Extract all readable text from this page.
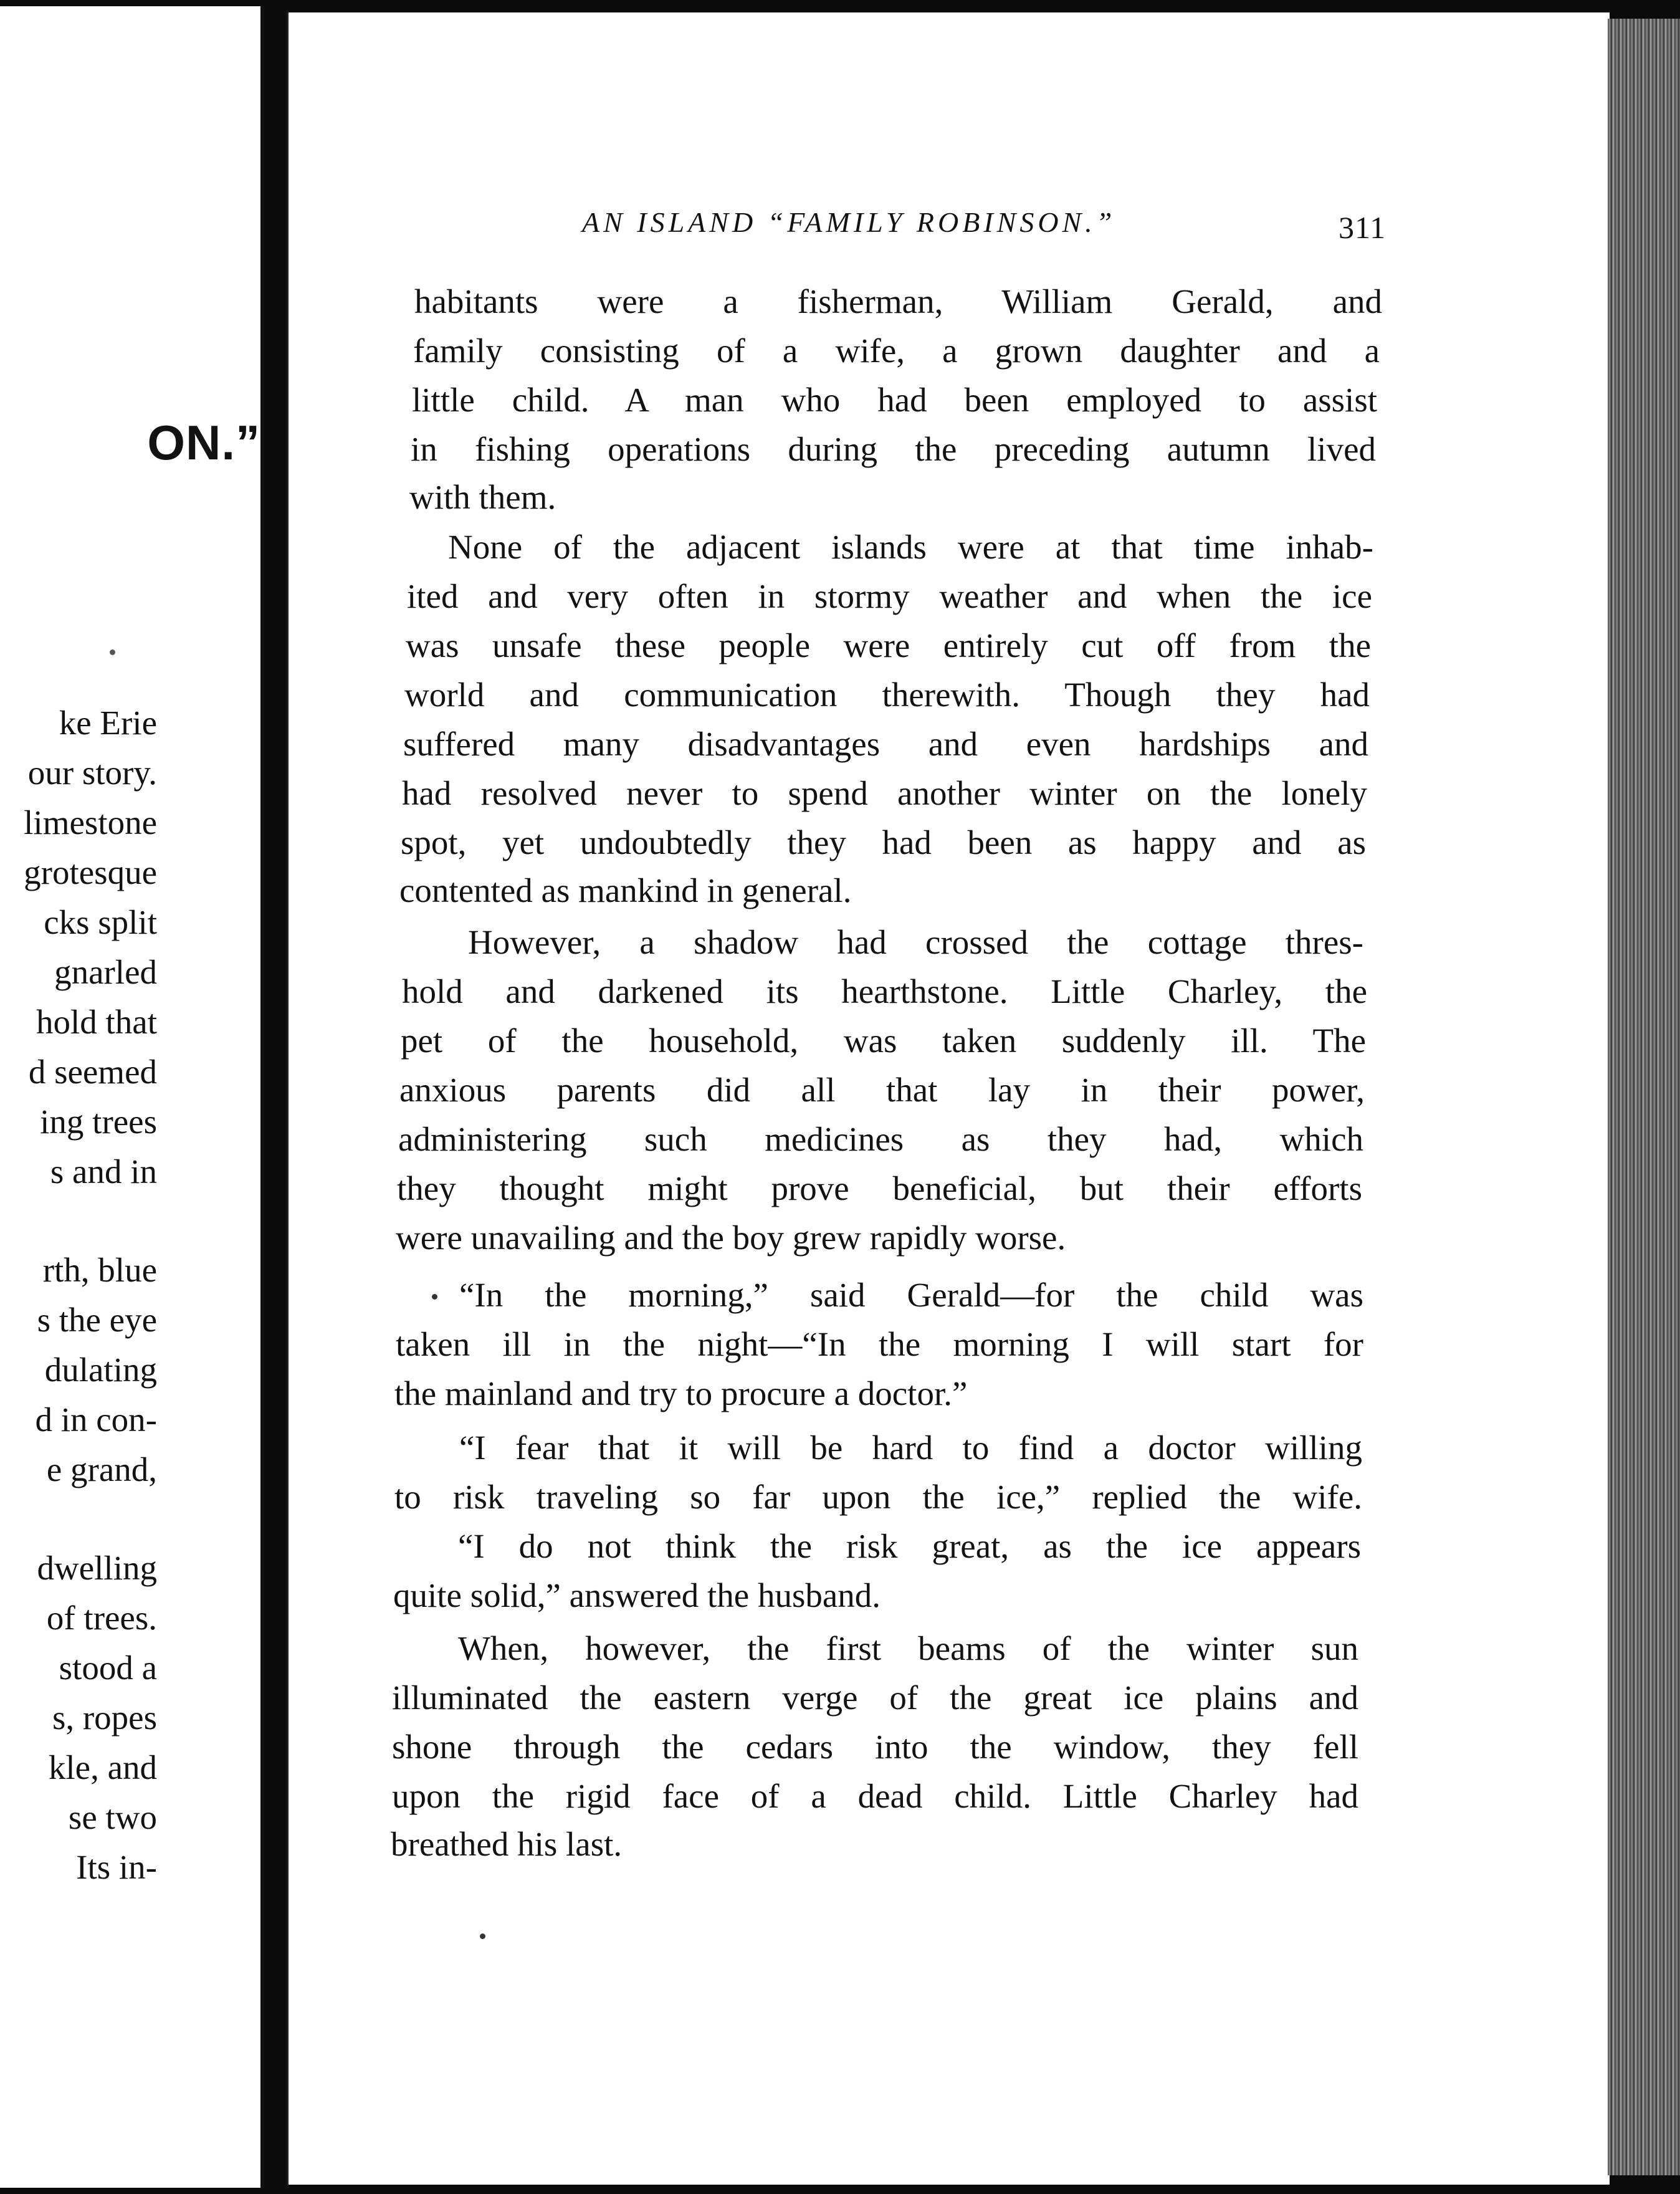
ON.”
ke Erie
our story.
limestone
grotesque
cks split
gnarled
hold that
d seemed
ing trees
s and in
rth, blue
s the eye
dulating
d in con-
e grand,
dwelling
of trees.
stood a
s, ropes
kle, and
se two
Its in-
AN ISLAND “FAMILY ROBINSON.”	311
habitants were a fisherman, William Gerald, and
family consisting of a wife, a grown daughter and a
little child. A man who had been employed to assist
in fishing operations during the preceding autumn lived
with them.
None of the adjacent islands were at that time inhab-
ited and very often in stormy weather and when the ice
was unsafe these people were entirely cut off from the
world and communication therewith. Though they had
suffered many disadvantages and even hardships and
had resolved never to spend another winter on the lonely
spot, yet undoubtedly they had been as happy and as
contented as mankind in general.
However, a shadow had crossed the cottage thres-
hold and darkened its hearthstone. Little Charley, the
pet of the household, was taken suddenly ill. The
anxious parents did all that lay in their power,
administering such medicines as they had, which
they thought might prove beneficial, but their efforts
were unavailing and the boy grew rapidly worse.
“In the morning,” said Gerald—for the child was
taken ill in the night—“In the morning I will start for
the mainland and try to procure a doctor.”
“I fear that it will be hard to find a doctor willing
to risk traveling so far upon the ice,” replied the wife.
“I do not think the risk great, as the ice appears
quite solid,” answered the husband.
When, however, the first beams of the winter sun
illuminated the eastern verge of the great ice plains and
shone through the cedars into the window, they fell
upon the rigid face of a dead child. Little Charley had
breathed his last.
